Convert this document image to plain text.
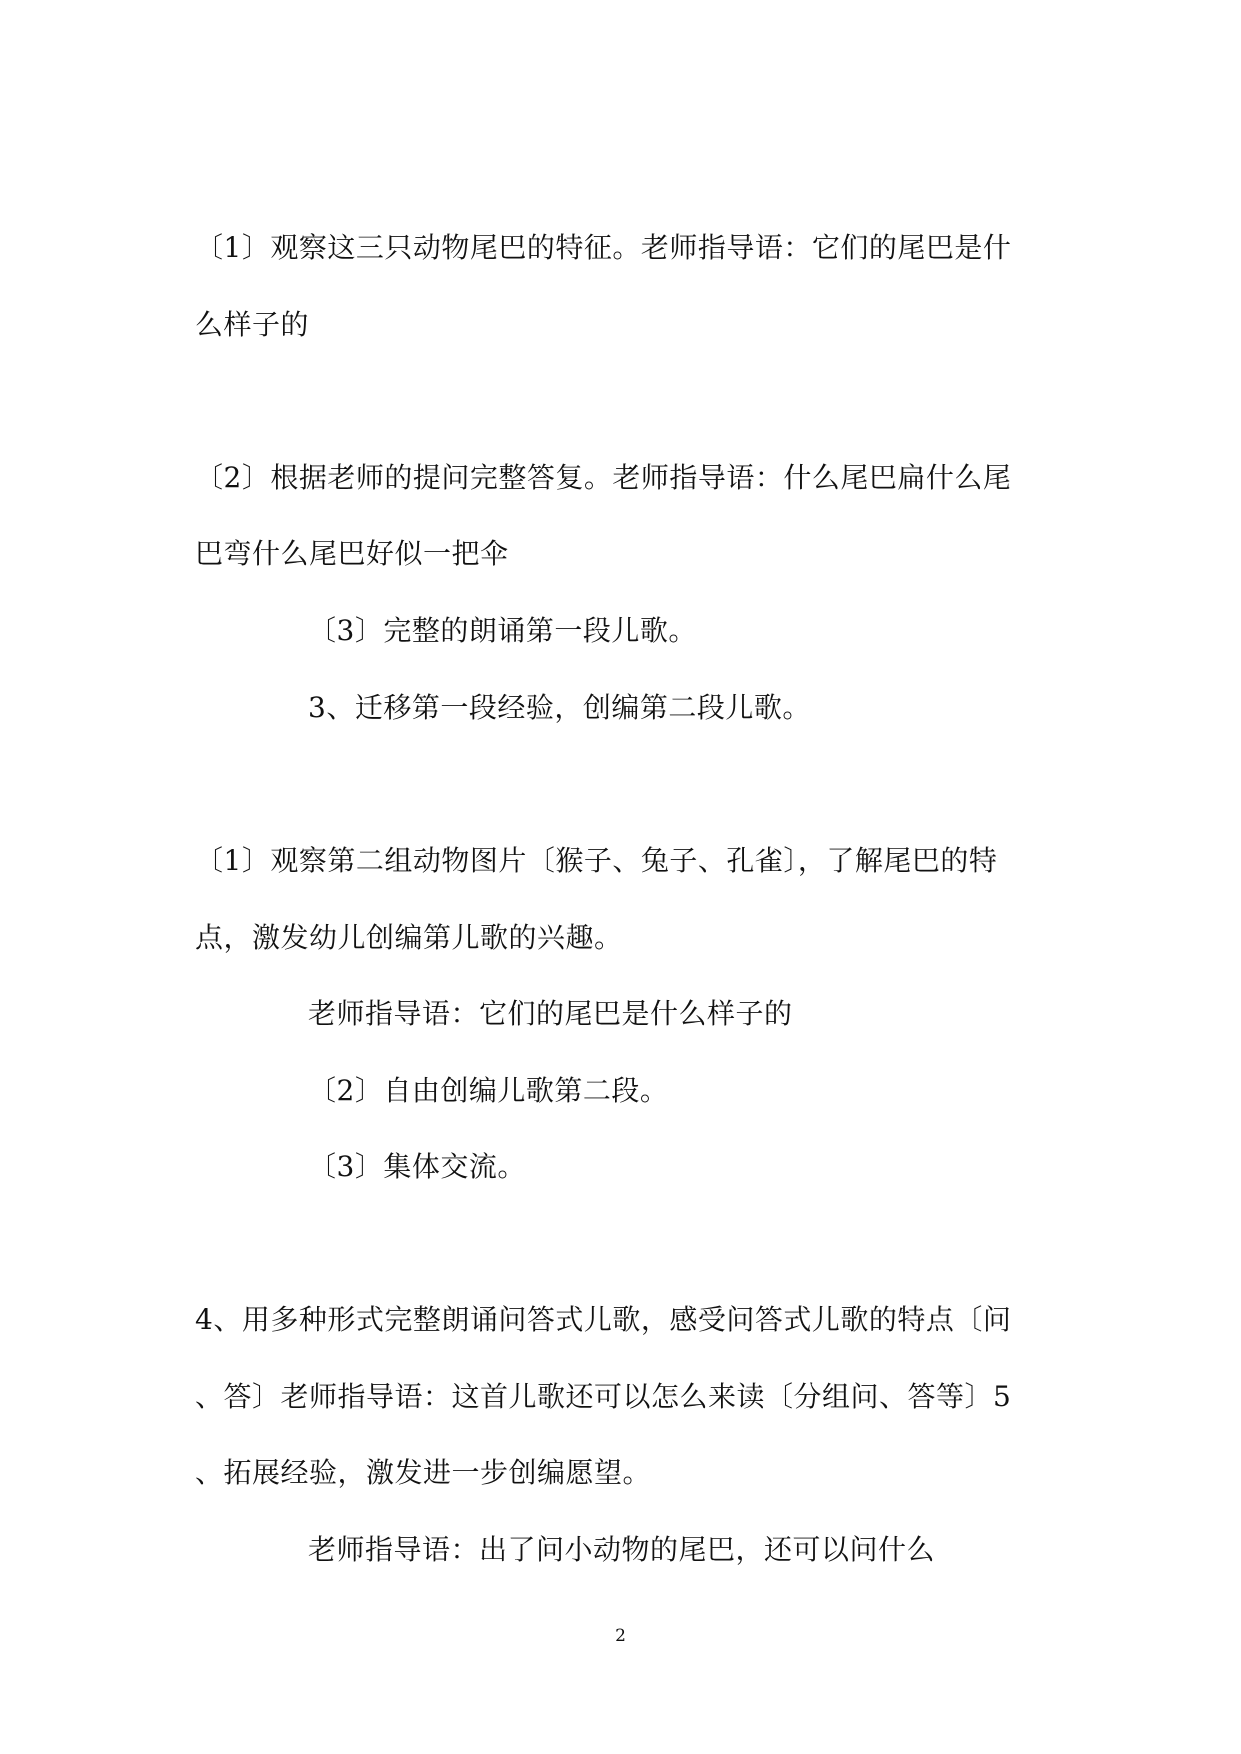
〔1〕观察这三只动物尾巴的特征。老师指导语：它们的尾巴是什
么样子的
〔2〕根据老师的提问完整答复。老师指导语：什么尾巴扁什么尾
巴弯什么尾巴好似一把伞
〔3〕完整的朗诵第一段儿歌。
3、迁移第一段经验，创编第二段儿歌。
〔1〕观察第二组动物图片〔猴子、兔子、孔雀〕，了解尾巴的特
点，激发幼儿创编第儿歌的兴趣。
老师指导语：它们的尾巴是什么样子的
〔2〕自由创编儿歌第二段。
〔3〕集体交流。
4、用多种形式完整朗诵问答式儿歌，感受问答式儿歌的特点〔问
、答〕老师指导语：这首儿歌还可以怎么来读〔分组问、答等〕5
、拓展经验，激发进一步创编愿望。
老师指导语：出了问小动物的尾巴，还可以问什么
2
